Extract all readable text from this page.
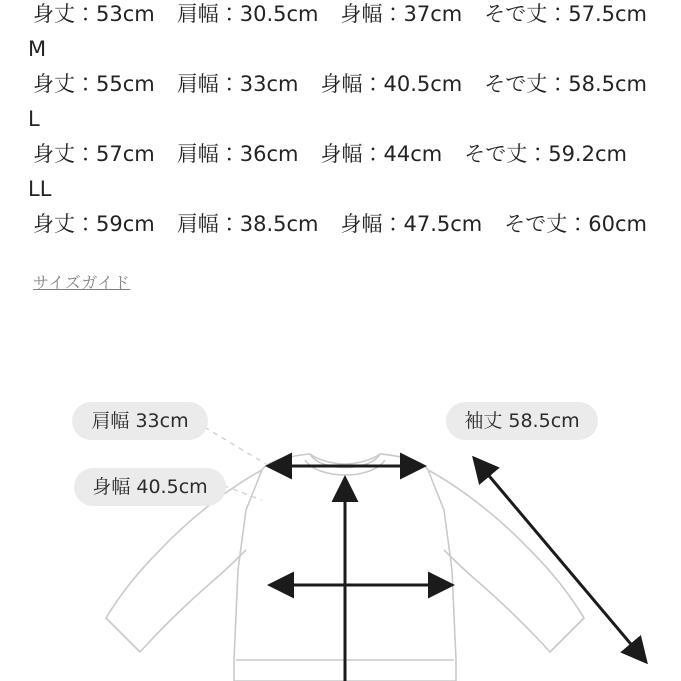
身丈：53cm 肩幅：30.5cm 身幅：37cm そで丈：57.5cm
M
身丈：55cm 肩幅：33cm 身幅：40.5cm そで丈：58.5cm
L
身丈：57cm 肩幅：36cm 身幅：44cm そで丈：59.2cm
LL
身丈：59cm 肩幅：38.5cm 身幅：47.5cm そで丈：60cm
サイズガイド
肩幅 33cm	袖丈 58.5cm
身幅 40.5cm
